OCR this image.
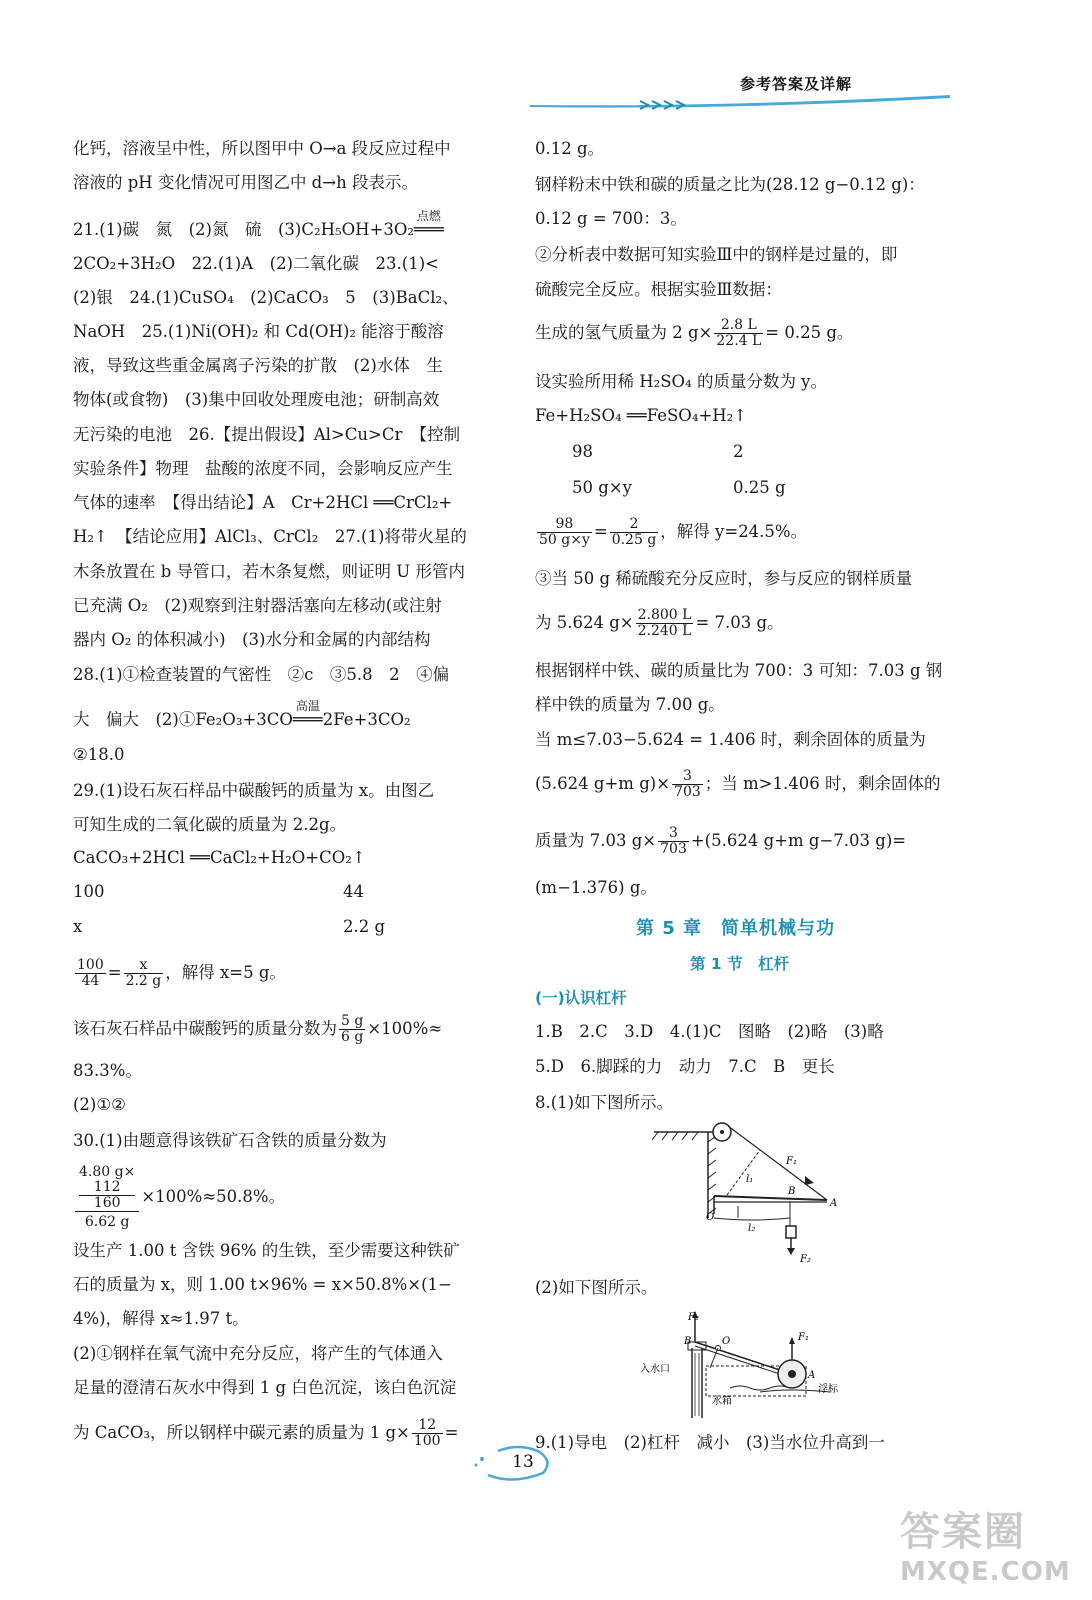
参考答案及详解
化钙，溶液呈中性，所以图甲中 O→a 段反应过程中
溶液的 pH 变化情况可用图乙中 d→h 段表示。
21.(1)碳　氮　(2)氮　硫　(3)C₂H₅OH+3O₂
点燃
═══
2CO₂+3H₂O　22.(1)A　(2)二氧化碳　23.(1)<
(2)银　24.(1)CuSO₄　(2)CaCO₃　5　(3)BaCl₂、
NaOH　25.(1)Ni(OH)₂ 和 Cd(OH)₂ 能溶于酸溶
液，导致这些重金属离子污染的扩散　(2)水体　生
物体(或食物)　(3)集中回收处理废电池；研制高效
无污染的电池　26.【提出假设】Al>Cu>Cr　【控制
实验条件】物理　盐酸的浓度不同，会影响反应产生
气体的速率　【得出结论】A　Cr+2HCl ══CrCl₂+
H₂↑　【结论应用】AlCl₃、CrCl₂　27.(1)将带火星的
木条放置在 b 导管口，若木条复燃，则证明 U 形管内
已充满 O₂　(2)观察到注射器活塞向左移动(或注射
器内 O₂ 的体积减小)　(3)水分和金属的内部结构
28.(1)①检查装置的气密性　②c　③5.8　2　④偏
大　偏大　(2)①Fe₂O₃+3CO
高温
═══2Fe+3CO₂
②18.0
29.(1)设石灰石样品中碳酸钙的质量为 x。由图乙
可知生成的二氧化碳的质量为 2.2g。
CaCO₃+2HCl ══CaCl₂+H₂O+CO₂↑
100	44
x	2.2 g
$\frac{100}{44} = \frac{x}{2.2 g}$ ，解得 x=5 g。
该石灰石样品中碳酸钙的质量分数为 $\frac{5 g}{6 g} \times 100\%\approx$
83.3%。
(2)①②
30.(1)由题意得该铁矿石含铁的质量分数为
4.80 g×
112
160
6.62 g ×100%≈50.8%。
设生产 1.00 t 含铁 96% 的生铁，至少需要这种铁矿
石的质量为 x，则 1.00 t×96% = x×50.8%×(1−
4%)，解得 x≈1.97 t。
(2)①钢样在氧气流中充分反应，将产生的气体通入
足量的澄清石灰水中得到 1 g 白色沉淀，该白色沉淀
为 CaCO₃，所以钢样中碳元素的质量为 1 $g\times \frac{12}{100}$ =
0.12 g。
钢样粉末中铁和碳的质量之比为(28.12 g−0.12 g)：
0.12 g = 700：3。
②分析表中数据可知实验Ⅲ中的钢样是过量的，即
硫酸完全反应。根据实验Ⅲ数据：
生成的氢气质量为 2 $g\times \frac{2.8 L}{22.4 L} = 0.25$ g。
设实验所用稀 H₂SO₄ 的质量分数为 y。
Fe+H₂SO₄ ══FeSO₄+H₂↑
98	2
50 g×y	0.25 g
$\frac{98}{50 g\times y} = \frac{2}{0.25 g}$ ，解得 y=24.5%。
③当 50 g 稀硫酸充分反应时，参与反应的钢样质量
为 5.624 $g\times \frac{2.800 L}{2.240 L} = 7.03$ g。
根据钢样中铁、碳的质量比为 700：3 可知：7.03 g 钢
样中铁的质量为 7.00 g。
当 m≤7.03−5.624 = 1.406 时，剩余固体的质量为
(5.624 g+m $g)\times \frac{3}{703}$ ；当 m>1.406 时，剩余固体的
质量为 7.03 $g\times \frac{3}{703} +(5.624$ g+m g−7.03 g)=
(m−1.376) g。
第 5 章　简单机械与功
第 1 节　杠杆
(一)认识杠杆
1.B　2.C　3.D　4.(1)C　图略　(2)略　(3)略
5.D　6.脚踩的力　动力　7.C　B　更长
8.(1)如下图所示。
F₁
l₁
l₂
F₂
A
B
O
(2)如下图所示。
F₂
B	O	F₁
A
入水口
水箱
浮标
9.(1)导电　(2)杠杆　减小　(3)当水位升高到一
13
答案圈
MXQE.COM
